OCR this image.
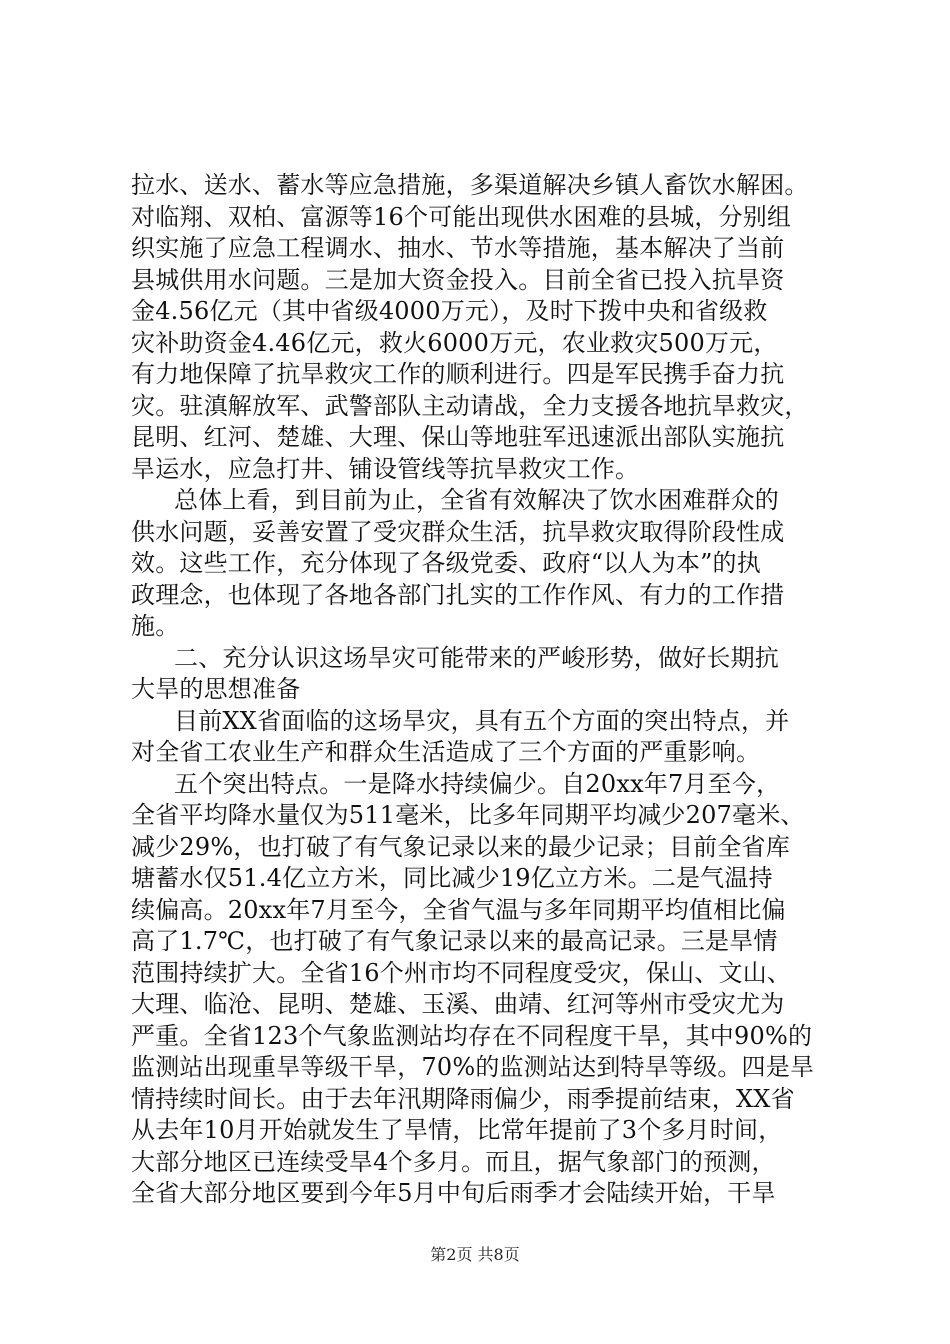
拉水、送水、蓄水等应急措施，多渠道解决乡镇人畜饮水解困。
对临翔、双柏、富源等16个可能出现供水困难的县城，分别组
织实施了应急工程调水、抽水、节水等措施，基本解决了当前
县城供用水问题。三是加大资金投入。目前全省已投入抗旱资
金4.56亿元（其中省级4000万元），及时下拨中央和省级救
灾补助资金4.46亿元，救火6000万元，农业救灾500万元，
有力地保障了抗旱救灾工作的顺利进行。四是军民携手奋力抗
灾。驻滇解放军、武警部队主动请战，全力支援各地抗旱救灾，
昆明、红河、楚雄、大理、保山等地驻军迅速派出部队实施抗
旱运水，应急打井、铺设管线等抗旱救灾工作。
总体上看，到目前为止，全省有效解决了饮水困难群众的
供水问题，妥善安置了受灾群众生活，抗旱救灾取得阶段性成
效。这些工作，充分体现了各级党委、政府“以人为本”的执
政理念，也体现了各地各部门扎实的工作作风、有力的工作措
施。
二、充分认识这场旱灾可能带来的严峻形势，做好长期抗
大旱的思想准备
目前XX省面临的这场旱灾，具有五个方面的突出特点，并
对全省工农业生产和群众生活造成了三个方面的严重影响。
五个突出特点。一是降水持续偏少。自20xx年7月至今，
全省平均降水量仅为511毫米，比多年同期平均减少207毫米、
减少29%，也打破了有气象记录以来的最少记录；目前全省库
塘蓄水仅51.4亿立方米，同比减少19亿立方米。二是气温持
续偏高。20xx年7月至今，全省气温与多年同期平均值相比偏
高了1.7℃，也打破了有气象记录以来的最高记录。三是旱情
范围持续扩大。全省16个州市均不同程度受灾，保山、文山、
大理、临沧、昆明、楚雄、玉溪、曲靖、红河等州市受灾尤为
严重。全省123个气象监测站均存在不同程度干旱，其中90%的
监测站出现重旱等级干旱，70%的监测站达到特旱等级。四是旱
情持续时间长。由于去年汛期降雨偏少，雨季提前结束，XX省
从去年10月开始就发生了旱情，比常年提前了3个多月时间，
大部分地区已连续受旱4个多月。而且，据气象部门的预测，
全省大部分地区要到今年5月中旬后雨季才会陆续开始，干旱
第2页 共8页
